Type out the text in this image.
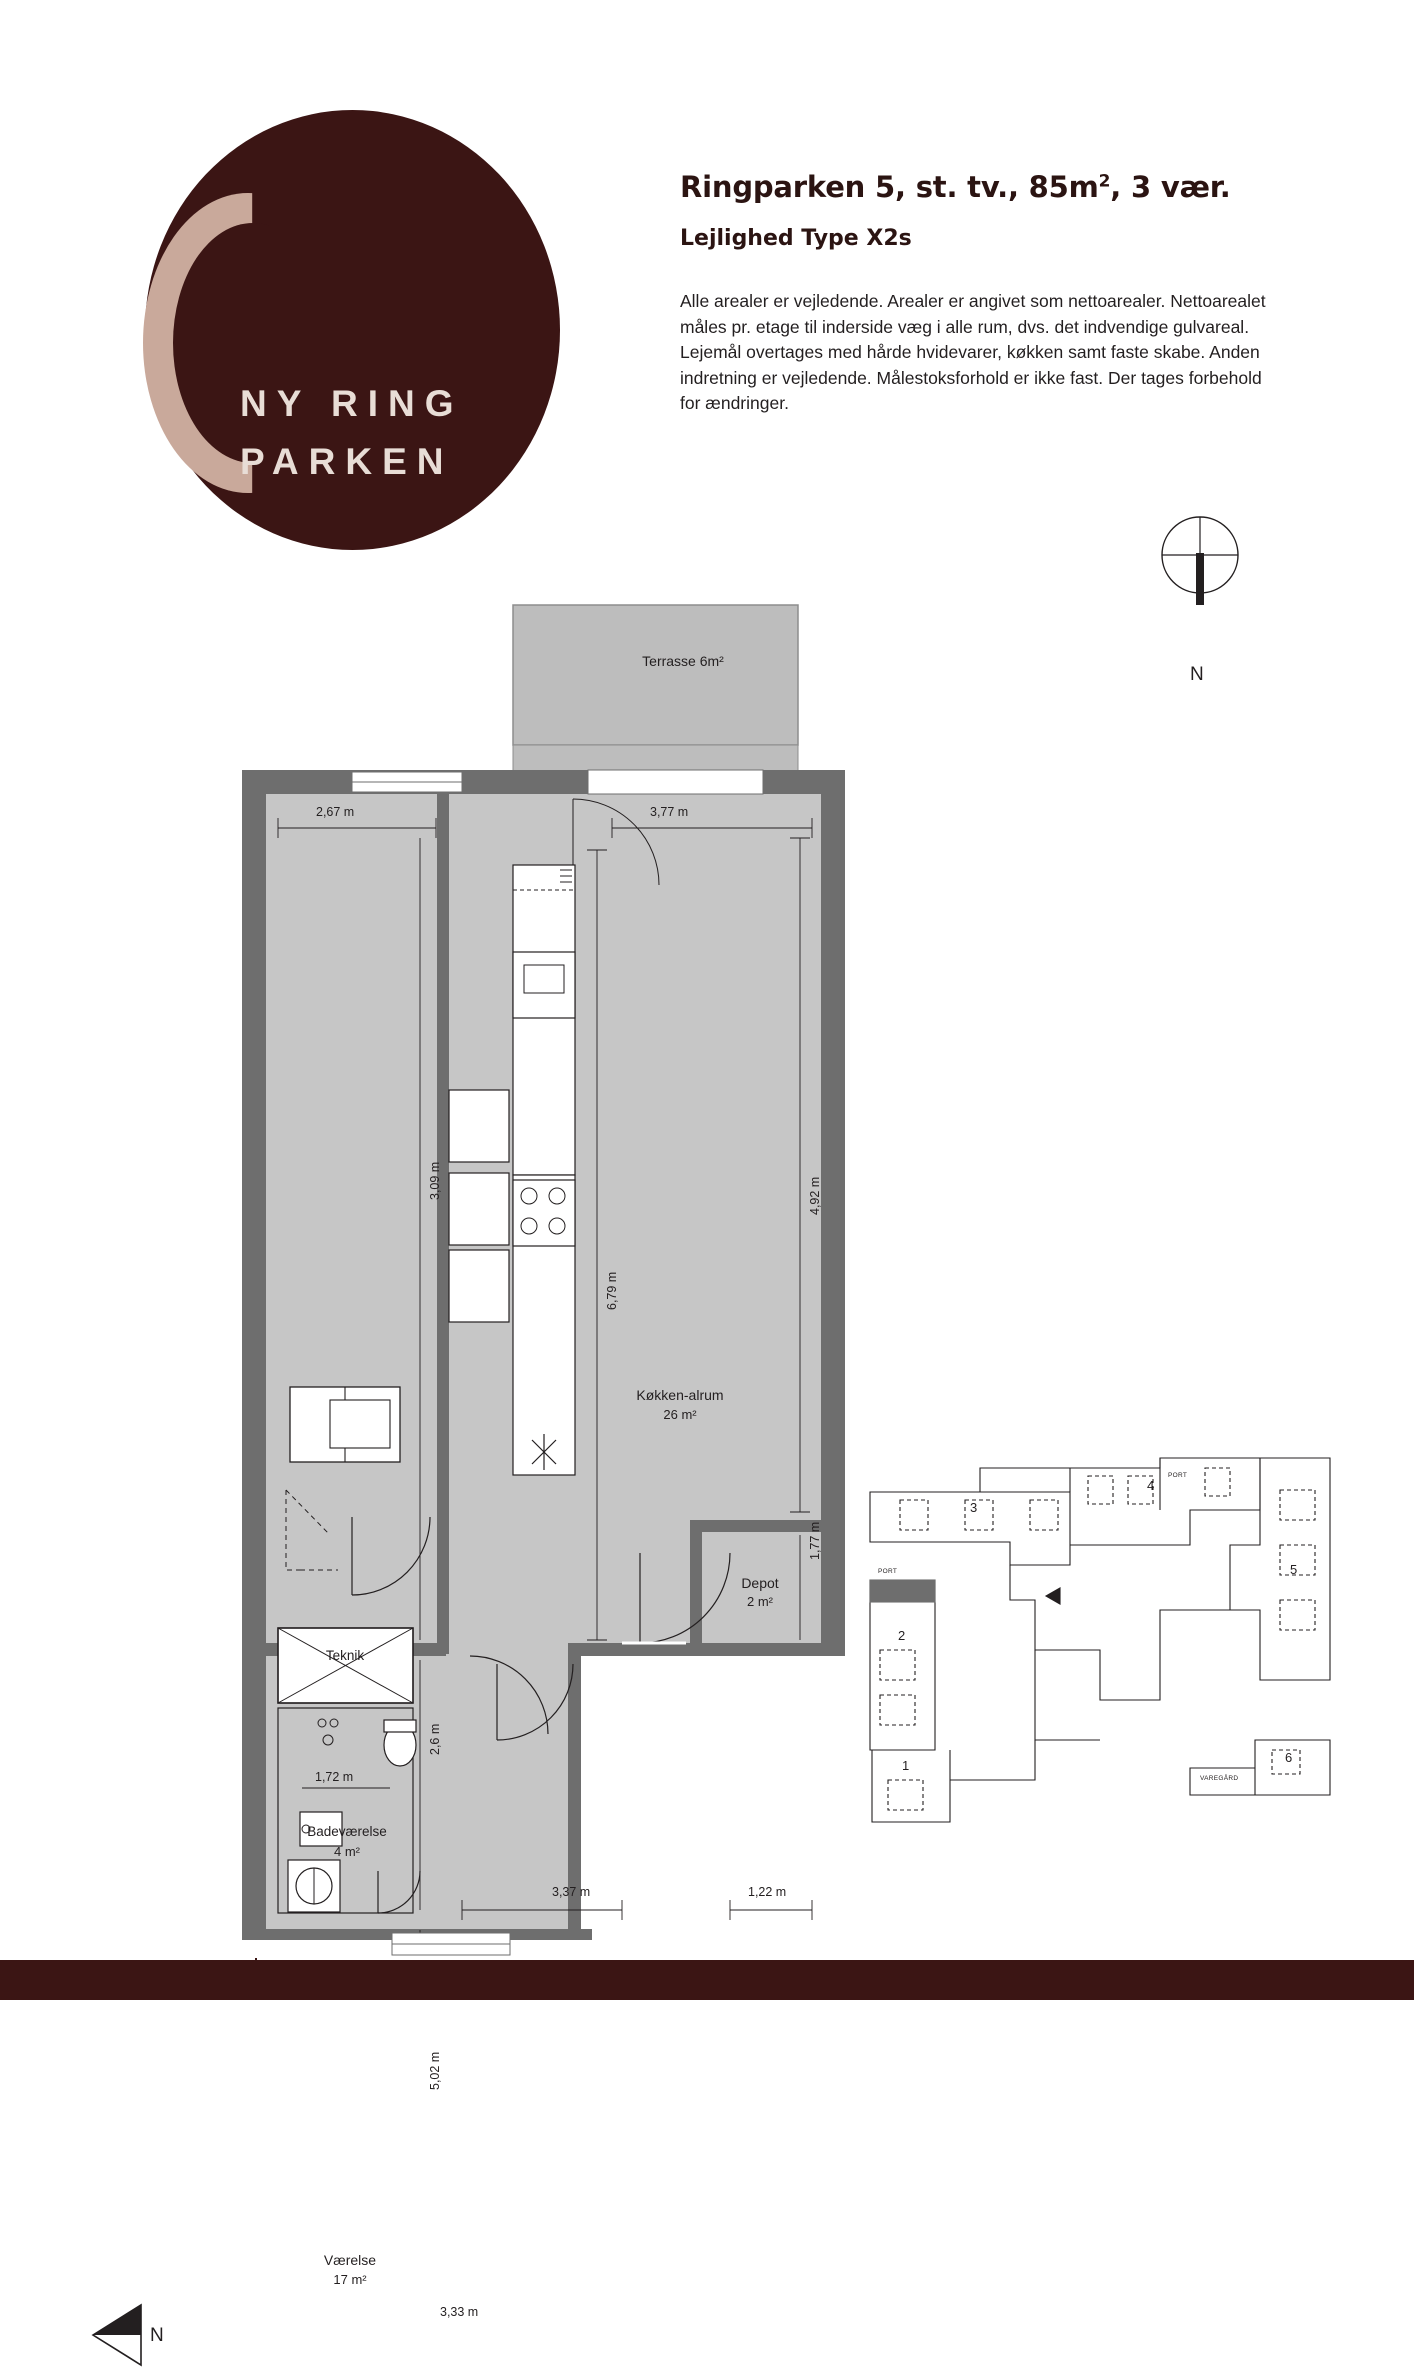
NY RING
PARKEN
Ringparken 5, st. tv., $85m^2$, 3 vær.
Lejlighed Type X2s
Alle arealer er vejledende. Arealer er angivet som nettoarealer. Nettoarealet måles pr. etage til inderside væg i alle rum, dvs. det indvendige gulvareal. Lejemål overtages med hårde hvidevarer, køkken samt faste skabe. Anden indretning er vejledende. Målestoksforhold er ikke fast. Der tages forbehold for ændringer.
Terrasse 6m²
Køkken-alrum
26 m²
Teknik
Badeværelse
4 m²
Depot
2 m²
Værelse
17 m²
2,67 m	3,77 m
3,09 m	4,92 m
6,79 m
1,72 m
2,6 m
3,37 m	1,22 m
1,77 m
5,02 m
3,33 m
N
N
3
4
5
2
1
6
PORT
PORT
VAREGÅRD
